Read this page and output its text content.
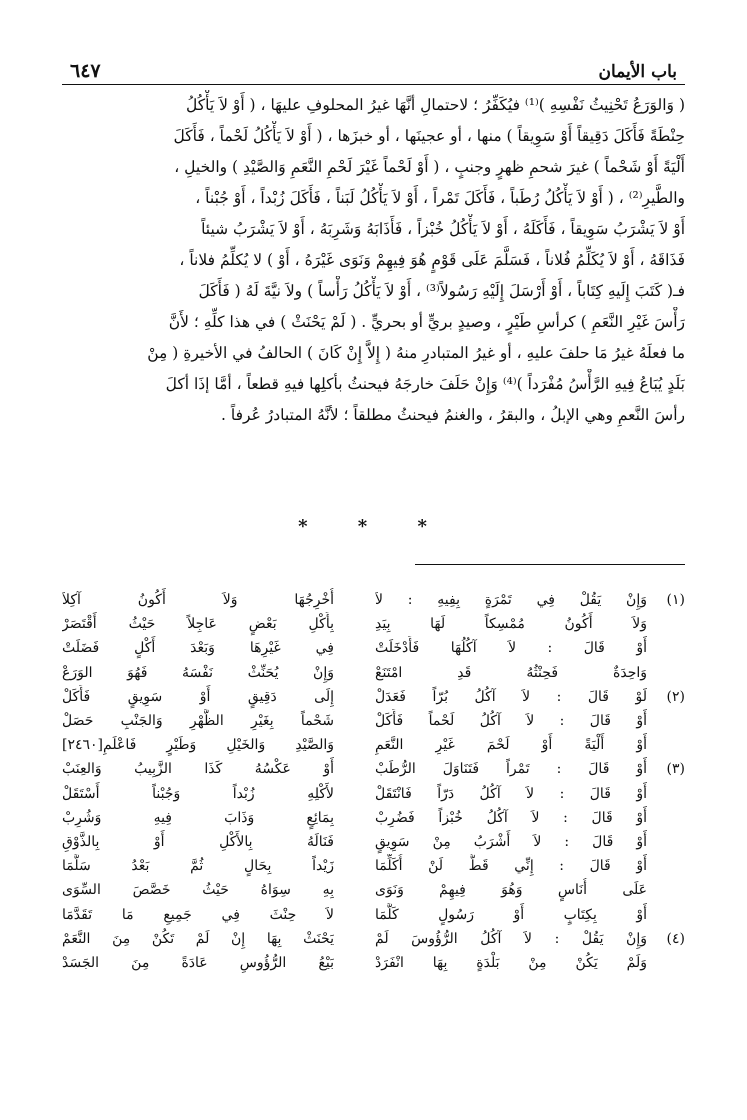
باب الأيمان
٦٤٧
( وَالوَرَعُ تَحْنِيثُ نَفْسِهِ )⁽¹⁾ فيُكَفِّرُ ؛ لاحتمالِ أنَّهَا غيرُ المحلوفِ عليهَا ، ( أَوْ لاَ يَأْكُلُ
حِنْطَةً فَأَكَلَ دَقِيقاً أَوْ سَوِيقاً ) منها ، أو عجينَها ، أو خبزَها ، ( أَوْ لاَ يَأْكُلُ لَحْماً ، فَأَكَلَ
أَلْيَةً أَوْ شَحْماً ) غيرَ شحمِ ظهرٍ وجنبٍ ، ( أَوْ لَحْماً غَيْرَ لَحْمِ النَّعَمِ وَالصَّيْدِ ) والخيلِ ،
والطَّيرِ⁽²⁾ ، ( أَوْ لاَ يَأْكُلُ رُطَباً ، فَأَكَلَ تَمْراً ، أَوْ لاَ يَأْكُلُ لَبَناً ، فَأَكَلَ زُبْداً ، أَوْ جُبْناً ،
أَوْ لاَ يَشْرَبُ سَوِيقاً ، فَأَكَلَهُ ، أَوْ لاَ يَأْكُلُ خُبْزاً ، فَأَذَابَهُ وَشَرِبَهُ ، أَوْ لاَ يَشْرَبُ شيئاً
فَذَاقَهُ ، أَوْ لاَ يُكَلِّمُ فُلاناً ، فَسَلَّمَ عَلَى قَوْمٍ هُوَ فِيهِمْ وَنَوَى غَيْرَهُ ، أَوْ ) لا يُكلِّمُ فلاناً ،
فـ( كَتَبَ إِلَيهِ كِتَاباً ، أَوْ أَرْسَلَ إِلَيْهِ رَسُولاً⁽³⁾ ، أَوْ لاَ يَأْكُلُ رَأْساً ) ولاَ نيَّةَ لَهُ ( فَأَكَلَ
رَأْسَ غَيْرِ النَّعَمِ ) كرأسِ طَيْرٍ ، وصيدٍ بريٍّ أو بحريٍّ . ( لَمْ يَحْنَثْ ) في هذا كلِّهِ ؛ لأَنَّ
ما فعلَهُ غيرُ مَا حلفَ عليهِ ، أو غيرُ المتبادرِ منهُ ( إِلاَّ إِنْ كَانَ ) الحالفُ في الأخيرةِ ( مِنْ
بَلَدٍ يُبَاعُ فِيهِ الرَّأْسُ مُفْرَداً )⁽⁴⁾ وَإِنْ حَلَفَ خارجَهُ فيحنثُ بأكلِها فيهِ قطعاً ، أمَّا إذَا أكلَ
رأسَ النَّعمِ وهي الإبلُ ، والبقرُ ، والغنمُ فيحنثُ مطلقاً ؛ لأنَّهُ المتبادرُ عُرفاً .
* * *
(١)
وَإِنْ يَقُلْ فِي تَمْرَةٍ بِفِيهِ : لاَ
وَلاَ أَكُونُ مُمْسِكاً لَهَا بِيَدِ
أَوْ قَالَ : لاَ آكُلُهَا فَأَدْخَلَتْ
وَاحِدَةٌ فَحِنْثُهُ قَدِ امْتَنَعْ
أُخْرِجُهَا وَلاَ أَكُونُ آكِلاَ
بِأَكْلِ بَعْضٍ عَاجِلاً حَيْثُ أَقْتَصَرْ
فِي غَيْرِهَا وَبَعْدَ أَكْلٍ فَضَلَتْ
وَإِنْ يُحَنِّثْ نَفْسَهُ فَهُوَ الوَرَعْ
(٢)
لَوْ قَالَ : لاَ آكُلُ بُرّاً فَعَدَلْ
أَوْ قَالَ : لاَ آكُلُ لَحْماً فَأَكَلْ
أَوْ أَلْيَةً أَوْ لَحْمَ غَيْرِ النَّعَمِ
إِلَى دَقِيقٍ أَوْ سَوِيقٍ فَأَكَلْ
شَحْماً بِغَيْرِ الظَّهْرِ وَالجَنْبِ حَصَلْ
[٢٤٦٠] وَالصَّيْدِ وَالخَيْلِ وَطَيْرٍ فَاعْلَمِ
(٣)
أَوْ قَالَ : تَمْراً فَتَنَاوَلَ الرُّطَبْ
أَوْ قَالَ : لاَ آكُلُ دَرّاً فَانْتَقَلْ
أَوْ قَالَ : لاَ آكُلُ خُبْزاً فَضُرِبْ
أَوْ قَالَ : لاَ أَشْرَبُ مِنْ سَوِيقٍ
أَوْ قَالَ : إِنِّي قَطُّ لَنْ أُكَلِّمَا
عَلَى أُنَاسٍ وَهُوَ فِيهِمْ وَنَوَى
أَوْ بِكِتَابٍ أَوْ رَسُولٍ كَلَّمَا
أَوْ عَكْسُهُ كَذَا الزَّبِيبُ وَالعِنَبْ
لأَكْلِهِ زُبْداً وَجُبْناً أَسْتَقَلْ
بِمَائِعٍ وَذَابَ فِيهِ وَشُرِبْ
فَنَالَهُ بِالأَكْلِ أَوْ بِالذَّوْقِ
زَيْداً بِحَالٍ ثُمَّ بَعْدُ سَلَّمَا
بِهِ سِوَاهُ حَيْثُ خَصَّصَ السِّوَى
لاَ حِنْثَ فِي جَمِيعِ مَا تَقَدَّمَا
(٤)
وَإِنْ يَقُلْ : لاَ آكُلُ الرُّؤُوسَ لَمْ
وَلَمْ يَكُنْ مِنْ بَلْدَةٍ بِهَا انْفَرَدْ
يَحْنَثْ بِهَا إِنْ لَمْ تَكُنْ مِنَ النَّعَمْ
بَيْعُ الرُّؤُوسِ عَادَةً مِنَ الجَسَدْ
